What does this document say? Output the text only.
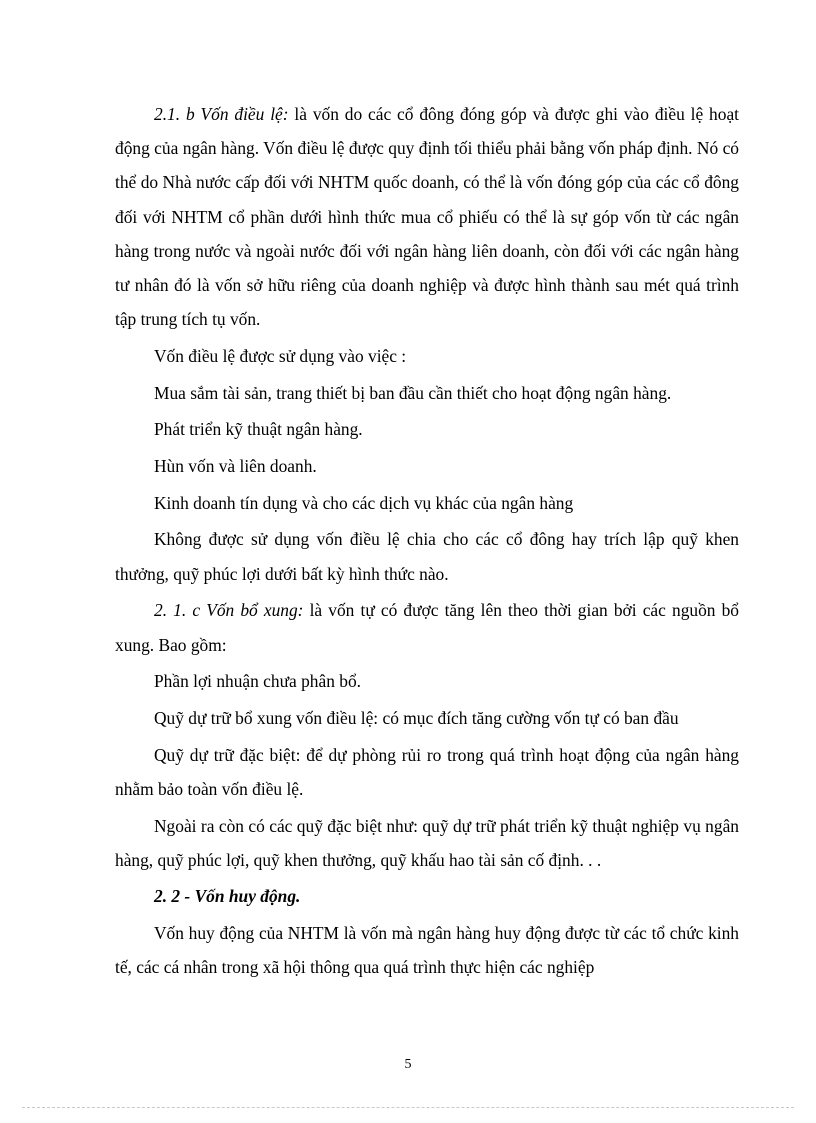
2.1. b Vốn điều lệ: là vốn do các cổ đông đóng góp và được ghi vào điều lệ hoạt động của ngân hàng. Vốn điều lệ được quy định tối thiểu phải bằng vốn pháp định. Nó có thể do Nhà nước cấp đối với NHTM quốc doanh, có thể là vốn đóng góp của các cổ đông đối với NHTM cổ phần dưới hình thức mua cổ phiếu có thể là sự góp vốn từ các ngân hàng trong nước và ngoài nước đối với ngân hàng liên doanh, còn đối với các ngân hàng tư nhân đó là vốn sở hữu riêng của doanh nghiệp và được hình thành sau mét quá trình tập trung tích tụ vốn.

Vốn điều lệ được sử dụng vào việc :

Mua sắm tài sản, trang thiết bị ban đầu cần thiết cho hoạt động ngân hàng.

Phát triển kỹ thuật ngân hàng.

Hùn vốn và liên doanh.

Kinh doanh tín dụng và cho các dịch vụ khác của ngân hàng

Không được sử dụng vốn điều lệ chia cho các cổ đông hay trích lập quỹ khen thưởng, quỹ phúc lợi dưới bất kỳ hình thức nào.

2. 1. c Vốn bổ xung: là vốn tự có được tăng lên theo thời gian bởi các nguồn bổ xung. Bao gồm:

Phần lợi nhuận chưa phân bổ.

Quỹ dự trữ bổ xung vốn điều lệ: có mục đích tăng cường vốn tự có ban đầu

Quỹ dự trữ đặc biệt: để dự phòng rủi ro trong quá trình hoạt động của ngân hàng nhằm bảo toàn vốn điều lệ.

Ngoài ra còn có các quỹ đặc biệt như: quỹ dự trữ phát triển kỹ thuật nghiệp vụ ngân hàng, quỹ phúc lợi, quỹ khen thưởng, quỹ khấu hao tài sản cố định. . .

2. 2 - Vốn huy động.

Vốn huy động của NHTM là vốn mà ngân hàng huy động được từ các tổ chức kinh tế, các cá nhân trong xã hội thông qua quá trình thực hiện các nghiệp

5
